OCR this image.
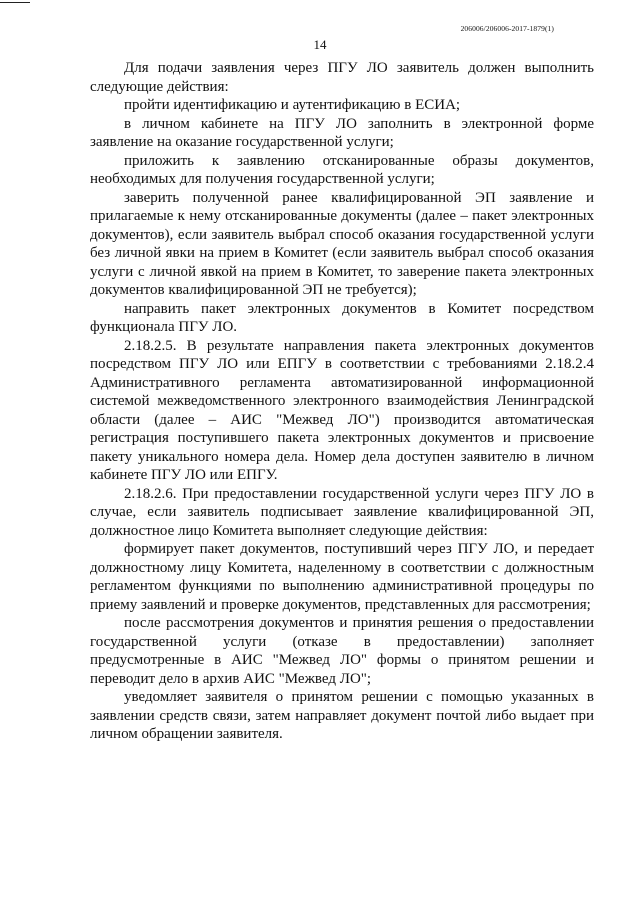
206006/206006-2017-1879(1)
14

Для подачи заявления через ПГУ ЛО заявитель должен выполнить следующие действия:

пройти идентификацию и аутентификацию в ЕСИА;

в личном кабинете на ПГУ ЛО заполнить в электронной форме заявление на оказание государственной услуги;

приложить к заявлению отсканированные образы документов, необходимых для получения государственной услуги;

заверить полученной ранее квалифицированной ЭП заявление и прилагаемые к нему отсканированные документы (далее – пакет электронных документов), если заявитель выбрал способ оказания государственной услуги без личной явки на прием в Комитет (если заявитель выбрал способ оказания услуги с личной явкой на прием в Комитет, то заверение пакета электронных документов квалифицированной ЭП не требуется);

направить пакет электронных документов в Комитет посредством функционала ПГУ ЛО.

2.18.2.5. В результате направления пакета электронных документов посредством ПГУ ЛО или ЕПГУ в соответствии с требованиями 2.18.2.4 Административного регламента автоматизированной информационной системой межведомственного электронного взаимодействия Ленинградской области (далее – АИС "Межвед ЛО") производится автоматическая регистрация поступившего пакета электронных документов и присвоение пакету уникального номера дела. Номер дела доступен заявителю в личном кабинете ПГУ ЛО или ЕПГУ.

2.18.2.6. При предоставлении государственной услуги через ПГУ ЛО в случае, если заявитель подписывает заявление квалифицированной ЭП, должностное лицо Комитета выполняет следующие действия:

формирует пакет документов, поступивший через ПГУ ЛО, и передает должностному лицу Комитета, наделенному в соответствии с должностным регламентом функциями по выполнению административной процедуры по приему заявлений и проверке документов, представленных для рассмотрения;

после рассмотрения документов и принятия решения о предоставлении государственной услуги (отказе в предоставлении) заполняет предусмотренные в АИС "Межвед ЛО" формы о принятом решении и переводит дело в архив АИС "Межвед ЛО";

уведомляет заявителя о принятом решении с помощью указанных в заявлении средств связи, затем направляет документ почтой либо выдает при личном обращении заявителя.
